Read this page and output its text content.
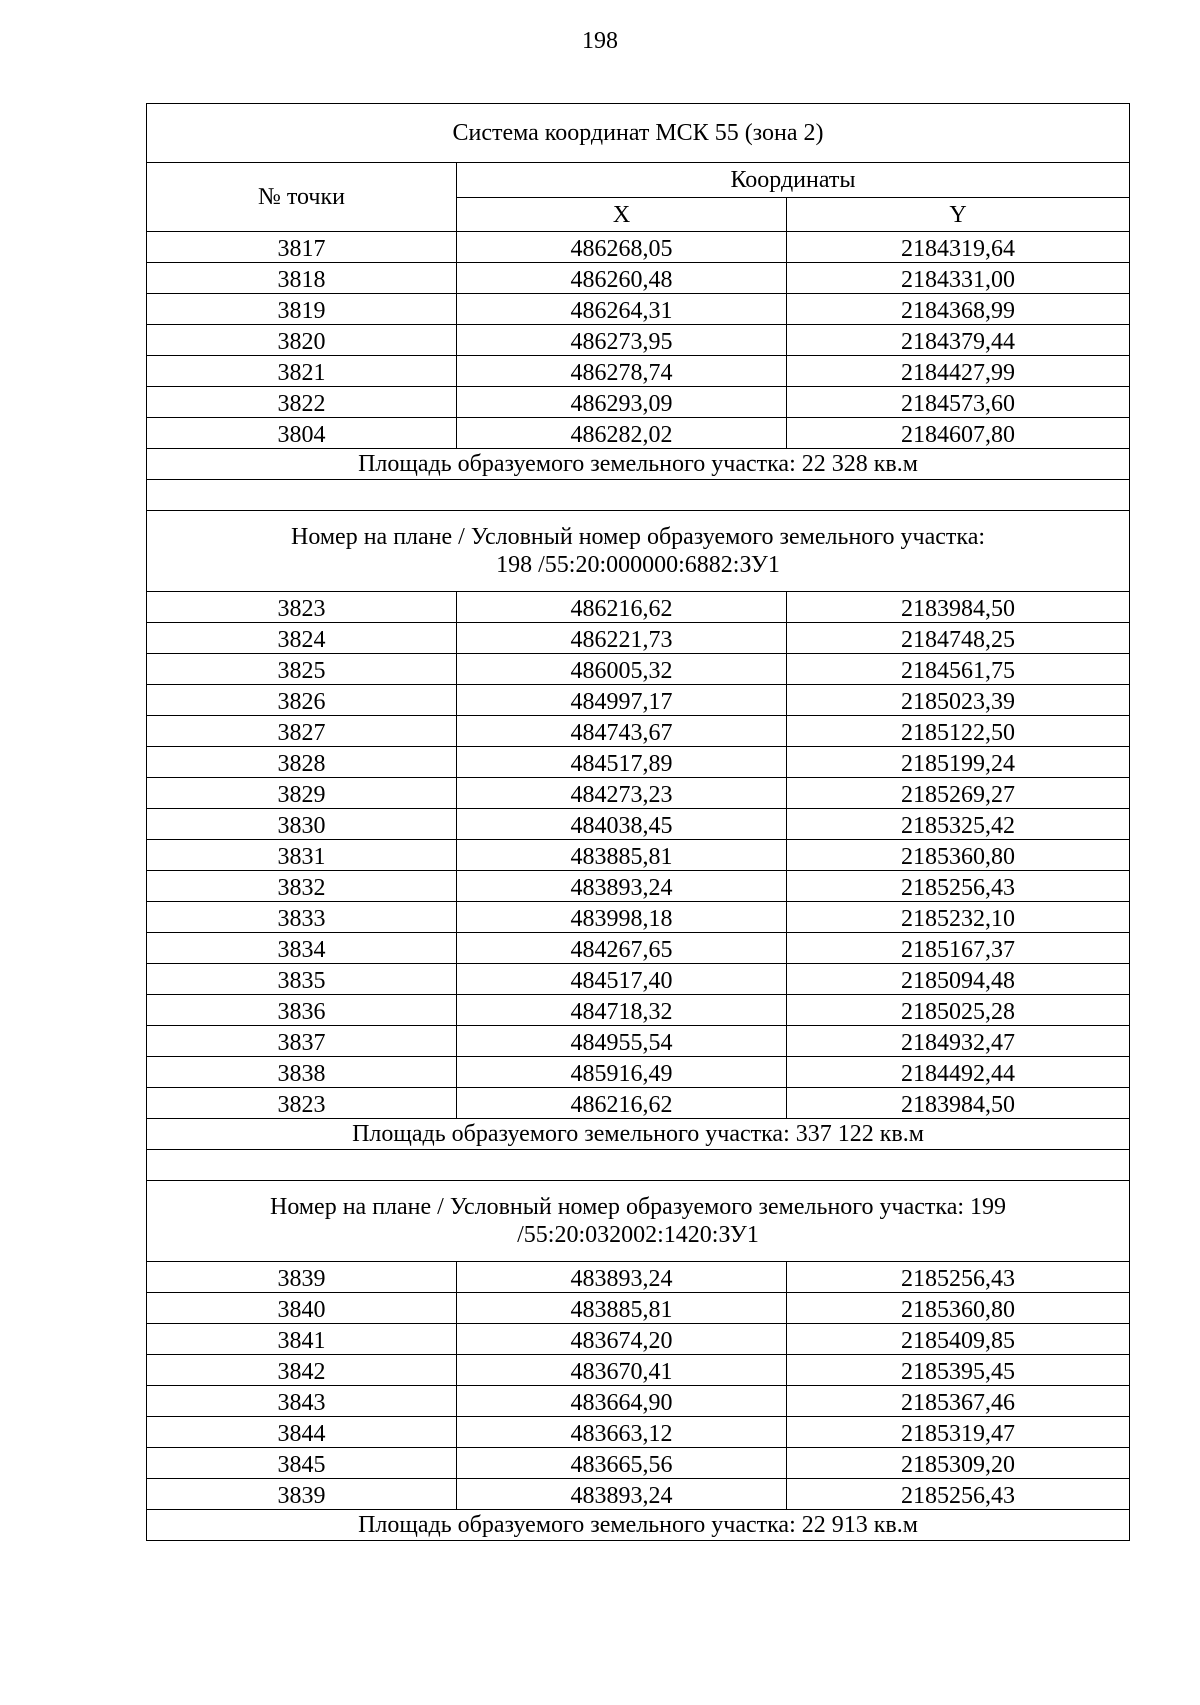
198
Система координат МСК 55 (зона 2)		
№ точки	Координаты	
	X	Y
3817	486268,05	2184319,64
3818	486260,48	2184331,00
3819	486264,31	2184368,99
3820	486273,95	2184379,44
3821	486278,74	2184427,99
3822	486293,09	2184573,60
3804	486282,02	2184607,80
Площадь образуемого земельного участка: 22 328 кв.м		

Номер на плане / Условный номер образуемого земельного участка:
198 /55:20:000000:6882:ЗУ1		
3823	486216,62	2183984,50
3824	486221,73	2184748,25
3825	486005,32	2184561,75
3826	484997,17	2185023,39
3827	484743,67	2185122,50
3828	484517,89	2185199,24
3829	484273,23	2185269,27
3830	484038,45	2185325,42
3831	483885,81	2185360,80
3832	483893,24	2185256,43
3833	483998,18	2185232,10
3834	484267,65	2185167,37
3835	484517,40	2185094,48
3836	484718,32	2185025,28
3837	484955,54	2184932,47
3838	485916,49	2184492,44
3823	486216,62	2183984,50
Площадь образуемого земельного участка: 337 122 кв.м		

Номер на плане / Условный номер образуемого земельного участка: 199
/55:20:032002:1420:ЗУ1		
3839	483893,24	2185256,43
3840	483885,81	2185360,80
3841	483674,20	2185409,85
3842	483670,41	2185395,45
3843	483664,90	2185367,46
3844	483663,12	2185319,47
3845	483665,56	2185309,20
3839	483893,24	2185256,43
Площадь образуемого земельного участка: 22 913 кв.м		
